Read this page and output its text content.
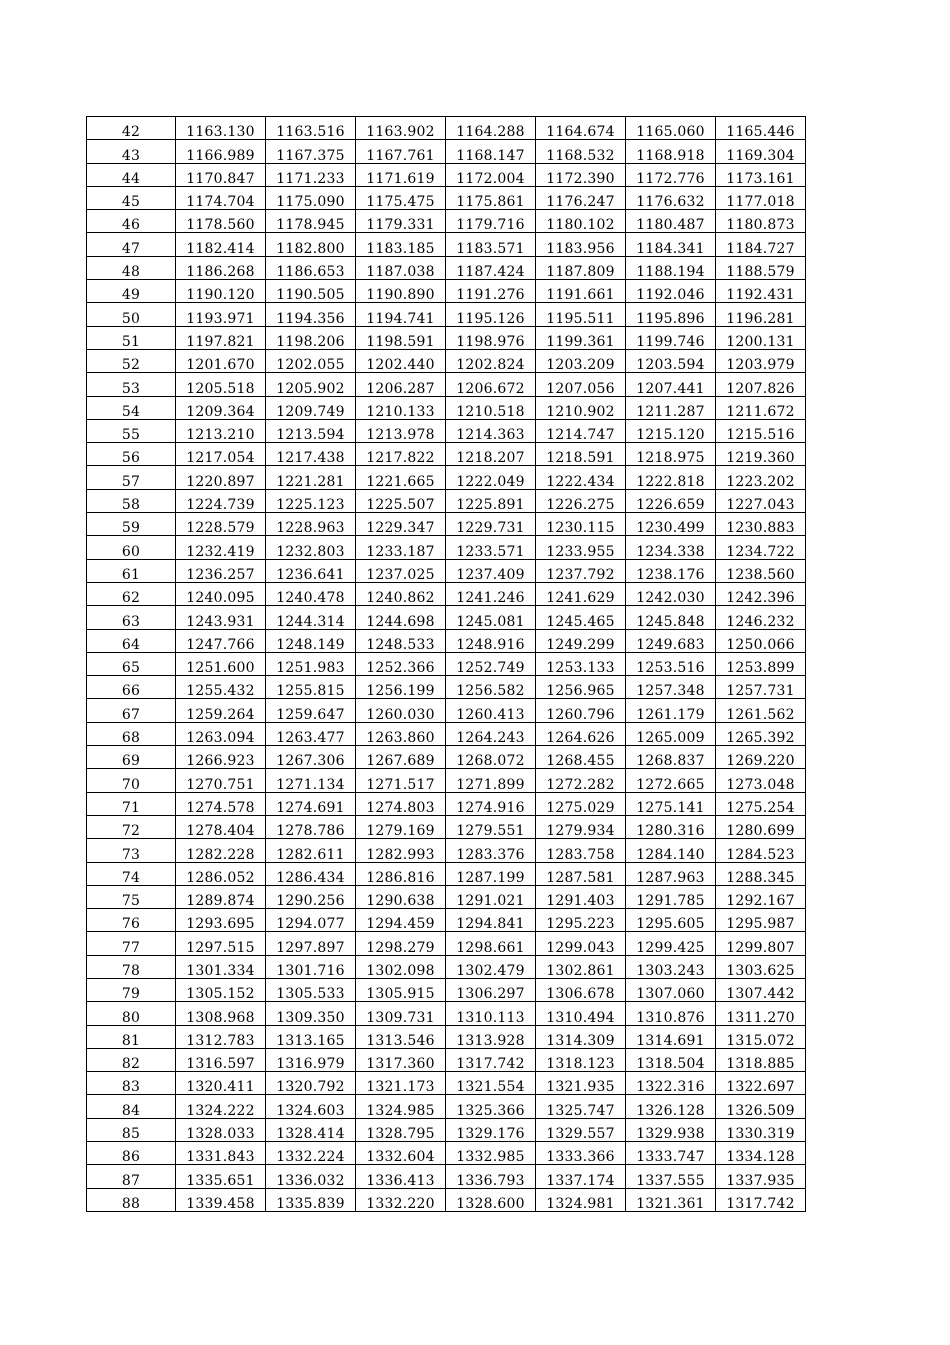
42	1163.130	1163.516	1163.902	1164.288	1164.674	1165.060	1165.446
43	1166.989	1167.375	1167.761	1168.147	1168.532	1168.918	1169.304
44	1170.847	1171.233	1171.619	1172.004	1172.390	1172.776	1173.161
45	1174.704	1175.090	1175.475	1175.861	1176.247	1176.632	1177.018
46	1178.560	1178.945	1179.331	1179.716	1180.102	1180.487	1180.873
47	1182.414	1182.800	1183.185	1183.571	1183.956	1184.341	1184.727
48	1186.268	1186.653	1187.038	1187.424	1187.809	1188.194	1188.579
49	1190.120	1190.505	1190.890	1191.276	1191.661	1192.046	1192.431
50	1193.971	1194.356	1194.741	1195.126	1195.511	1195.896	1196.281
51	1197.821	1198.206	1198.591	1198.976	1199.361	1199.746	1200.131
52	1201.670	1202.055	1202.440	1202.824	1203.209	1203.594	1203.979
53	1205.518	1205.902	1206.287	1206.672	1207.056	1207.441	1207.826
54	1209.364	1209.749	1210.133	1210.518	1210.902	1211.287	1211.672
55	1213.210	1213.594	1213.978	1214.363	1214.747	1215.120	1215.516
56	1217.054	1217.438	1217.822	1218.207	1218.591	1218.975	1219.360
57	1220.897	1221.281	1221.665	1222.049	1222.434	1222.818	1223.202
58	1224.739	1225.123	1225.507	1225.891	1226.275	1226.659	1227.043
59	1228.579	1228.963	1229.347	1229.731	1230.115	1230.499	1230.883
60	1232.419	1232.803	1233.187	1233.571	1233.955	1234.338	1234.722
61	1236.257	1236.641	1237.025	1237.409	1237.792	1238.176	1238.560
62	1240.095	1240.478	1240.862	1241.246	1241.629	1242.030	1242.396
63	1243.931	1244.314	1244.698	1245.081	1245.465	1245.848	1246.232
64	1247.766	1248.149	1248.533	1248.916	1249.299	1249.683	1250.066
65	1251.600	1251.983	1252.366	1252.749	1253.133	1253.516	1253.899
66	1255.432	1255.815	1256.199	1256.582	1256.965	1257.348	1257.731
67	1259.264	1259.647	1260.030	1260.413	1260.796	1261.179	1261.562
68	1263.094	1263.477	1263.860	1264.243	1264.626	1265.009	1265.392
69	1266.923	1267.306	1267.689	1268.072	1268.455	1268.837	1269.220
70	1270.751	1271.134	1271.517	1271.899	1272.282	1272.665	1273.048
71	1274.578	1274.691	1274.803	1274.916	1275.029	1275.141	1275.254
72	1278.404	1278.786	1279.169	1279.551	1279.934	1280.316	1280.699
73	1282.228	1282.611	1282.993	1283.376	1283.758	1284.140	1284.523
74	1286.052	1286.434	1286.816	1287.199	1287.581	1287.963	1288.345
75	1289.874	1290.256	1290.638	1291.021	1291.403	1291.785	1292.167
76	1293.695	1294.077	1294.459	1294.841	1295.223	1295.605	1295.987
77	1297.515	1297.897	1298.279	1298.661	1299.043	1299.425	1299.807
78	1301.334	1301.716	1302.098	1302.479	1302.861	1303.243	1303.625
79	1305.152	1305.533	1305.915	1306.297	1306.678	1307.060	1307.442
80	1308.968	1309.350	1309.731	1310.113	1310.494	1310.876	1311.270
81	1312.783	1313.165	1313.546	1313.928	1314.309	1314.691	1315.072
82	1316.597	1316.979	1317.360	1317.742	1318.123	1318.504	1318.885
83	1320.411	1320.792	1321.173	1321.554	1321.935	1322.316	1322.697
84	1324.222	1324.603	1324.985	1325.366	1325.747	1326.128	1326.509
85	1328.033	1328.414	1328.795	1329.176	1329.557	1329.938	1330.319
86	1331.843	1332.224	1332.604	1332.985	1333.366	1333.747	1334.128
87	1335.651	1336.032	1336.413	1336.793	1337.174	1337.555	1337.935
88	1339.458	1335.839	1332.220	1328.600	1324.981	1321.361	1317.742
